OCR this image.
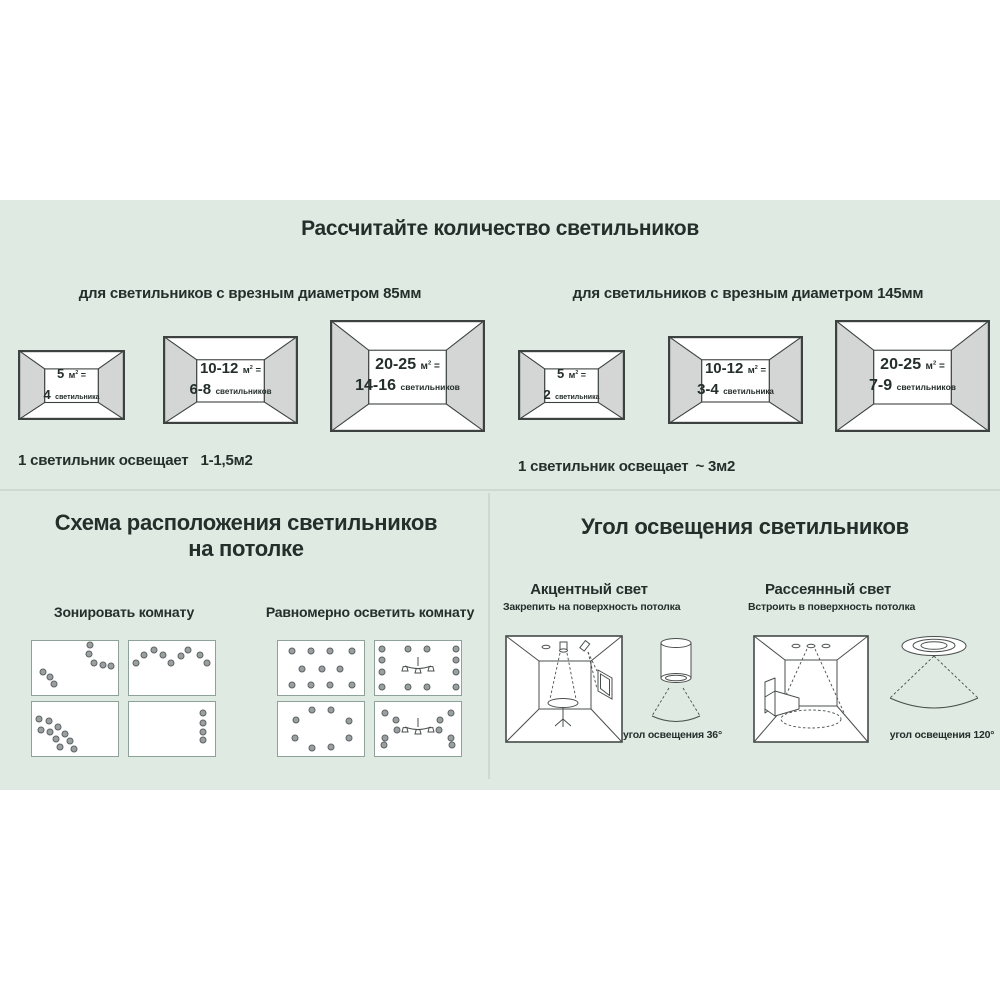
Рассчитайте количество светильников
для светильников с врезным диаметром 85мм	для светильников с врезным диаметром 145мм
5 $м^2$ =
4 светильника
10-12 $м^2$ =
6-8 светильников
20-25 $м^2$ =
14-16 светильников
5 $м^2$ =
2 светильника
10-12 $м^2$ =
3-4 светильника
20-25 $м^2$ =
7-9 светильников
1 светильник освещает 1-1,5м2	1 светильник освещает ~ 3м2
Схема расположения светильников
на потолке
Зонировать комнату	Равномерно осветить комнату
Угол освещения светильников
Акцентный свет
Закрепить на поверхность потолка
Рассеянный свет
Встроить в поверхность потолка
угол освещения 36°	угол освещения 120°
